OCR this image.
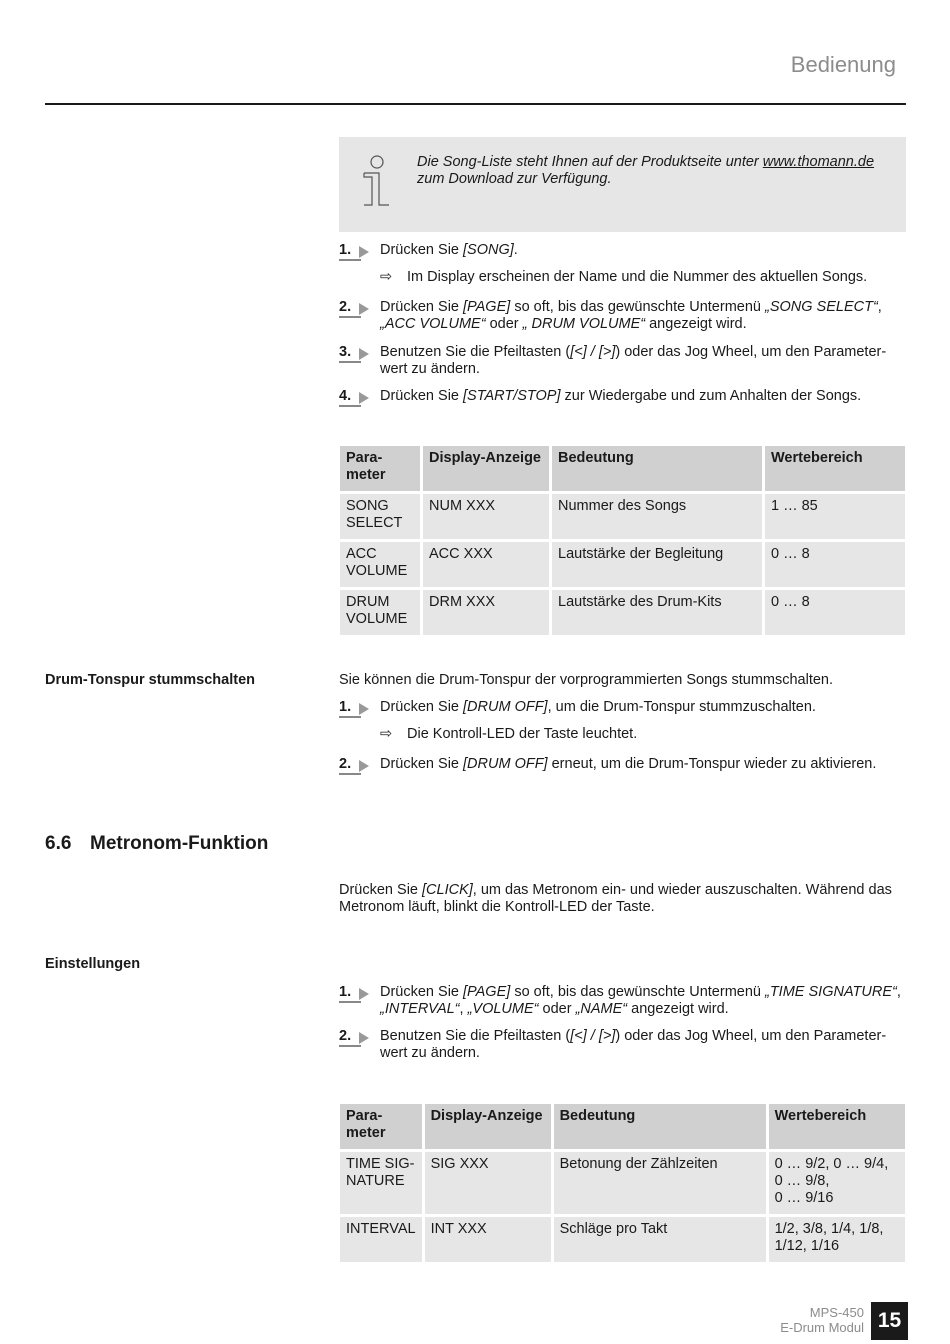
Bedienung
Die Song-Liste steht Ihnen auf der Produktseite unter www.thomann.de zum Download zur Verfügung.
1.	Drücken Sie [SONG].
⇨ Im Display erscheinen der Name und die Nummer des aktuellen Songs.
2.	Drücken Sie [PAGE] so oft, bis das gewünschte Untermenü „SONG SELECT“, „ACC VOLUME“ oder „ DRUM VOLUME“ angezeigt wird.
3.	Benutzen Sie die Pfeiltasten ([<] / [>]) oder das Jog Wheel, um den Parameterwert zu ändern.
4.	Drücken Sie [START/STOP] zur Wiedergabe und zum Anhalten der Songs.
Para-
meter	Display-Anzeige	Bedeutung	Wertebereich
SONG SELECT	NUM XXX	Nummer des Songs	1 … 85
ACC VOLUME	ACC XXX	Lautstärke der Begleitung	0 … 8
DRUM VOLUME	DRM XXX	Lautstärke des Drum-Kits	0 … 8
Drum-Tonspur stummschalten	Sie können die Drum-Tonspur der vorprogrammierten Songs stummschalten.
1.	Drücken Sie [DRUM OFF], um die Drum-Tonspur stummzuschalten.
⇨ Die Kontroll-LED der Taste leuchtet.
2.	Drücken Sie [DRUM OFF] erneut, um die Drum-Tonspur wieder zu aktivieren.
6.6 Metronom-Funktion
Drücken Sie [CLICK], um das Metronom ein- und wieder auszuschalten. Während das Metronom läuft, blinkt die Kontroll-LED der Taste.
Einstellungen
1.	Drücken Sie [PAGE] so oft, bis das gewünschte Untermenü „TIME SIGNATURE“, „INTERVAL“, „VOLUME“ oder „NAME“ angezeigt wird.
2.	Benutzen Sie die Pfeiltasten ([<] / [>]) oder das Jog Wheel, um den Parameterwert zu ändern.
Para-
meter	Display-Anzeige	Bedeutung	Wertebereich
TIME SIG-
NATURE	SIG XXX	Betonung der Zählzeiten	0 … 9/2, 0 … 9/4,
0 … 9/8,
0 … 9/16
INTERVAL	INT XXX	Schläge pro Takt	1/2, 3/8, 1/4, 1/8,
1/12, 1/16
MPS-450
E-Drum Modul 15
